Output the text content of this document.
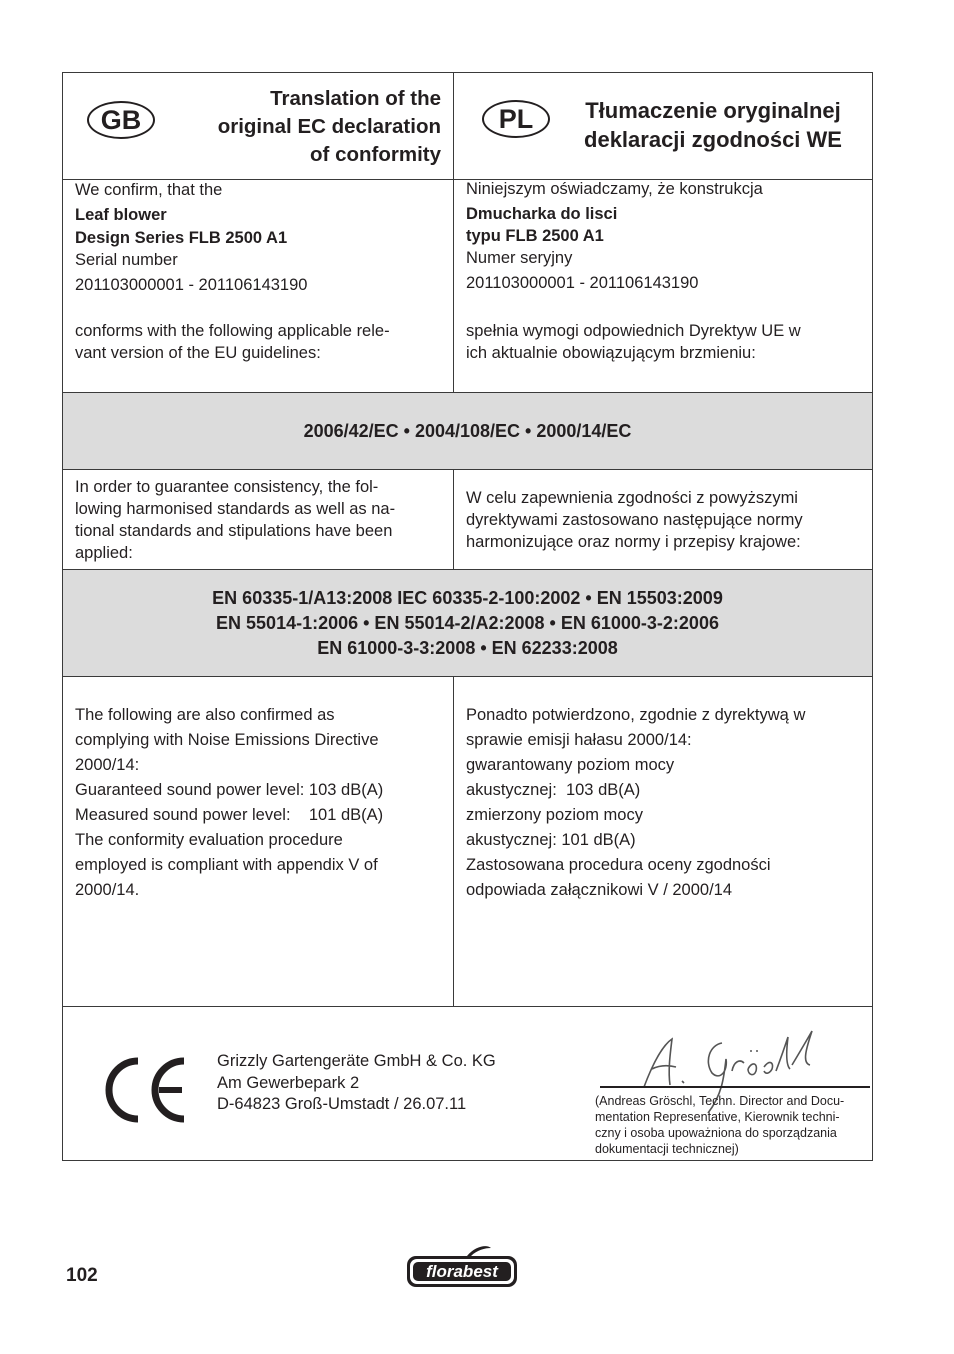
GB
Translation of the
original EC declaration
of conformity
PL	Tłumaczenie oryginalnej
deklaracji zgodności WE
We confirm, that the
Leaf blower
Design Series FLB 2500 A1
Serial number
201103000001 - 201106143190
conforms with the following applicable rele-
vant version of the EU guidelines:
Niniejszym oświadczamy, że konstrukcja
Dmucharka do lisci
typu FLB 2500 A1
Numer seryjny
201103000001 - 201106143190
spełnia wymogi odpowiednich Dyrektyw UE w
ich aktualnie obowiązującym brzmieniu:
2006/42/EC • 2004/108/EC • 2000/14/EC
In order to guarantee consistency, the fol-
lowing harmonised standards as well as na-
tional standards and stipulations have been
applied:
W celu zapewnienia zgodności z powyższymi
dyrektywami zastosowano następujące normy
harmonizujące oraz normy i przepisy krajowe:
EN 60335-1/A13:2008 IEC 60335-2-100:2002 • EN 15503:2009
EN 55014-1:2006 • EN 55014-2/A2:2008 • EN 61000-3-2:2006
EN 61000-3-3:2008 • EN 62233:2008
The following are also confirmed as
complying with Noise Emissions Directive
2000/14:
Guaranteed sound power level: 103 dB(A)
Measured sound power level:    101 dB(A)
The conformity evaluation procedure
employed is compliant with appendix V of
2000/14.
Ponadto potwierdzono, zgodnie z dyrektywą w
sprawie emisji hałasu 2000/14:
gwarantowany poziom mocy
akustycznej:  103 dB(A)
zmierzony poziom mocy
akustycznej: 101 dB(A)
Zastosowana procedura oceny zgodności
odpowiada załącznikowi V / 2000/14
Grizzly Gartengeräte GmbH & Co. KG
Am Gewerbepark 2
D-64823 Groß-Umstadt / 26.07.11	(Andreas Gröschl, Techn. Director and Docu-
mentation Representative, Kierownik techni-
czny i osoba upoważniona do sporządzania
dokumentacji technicznej)
102	florabest
